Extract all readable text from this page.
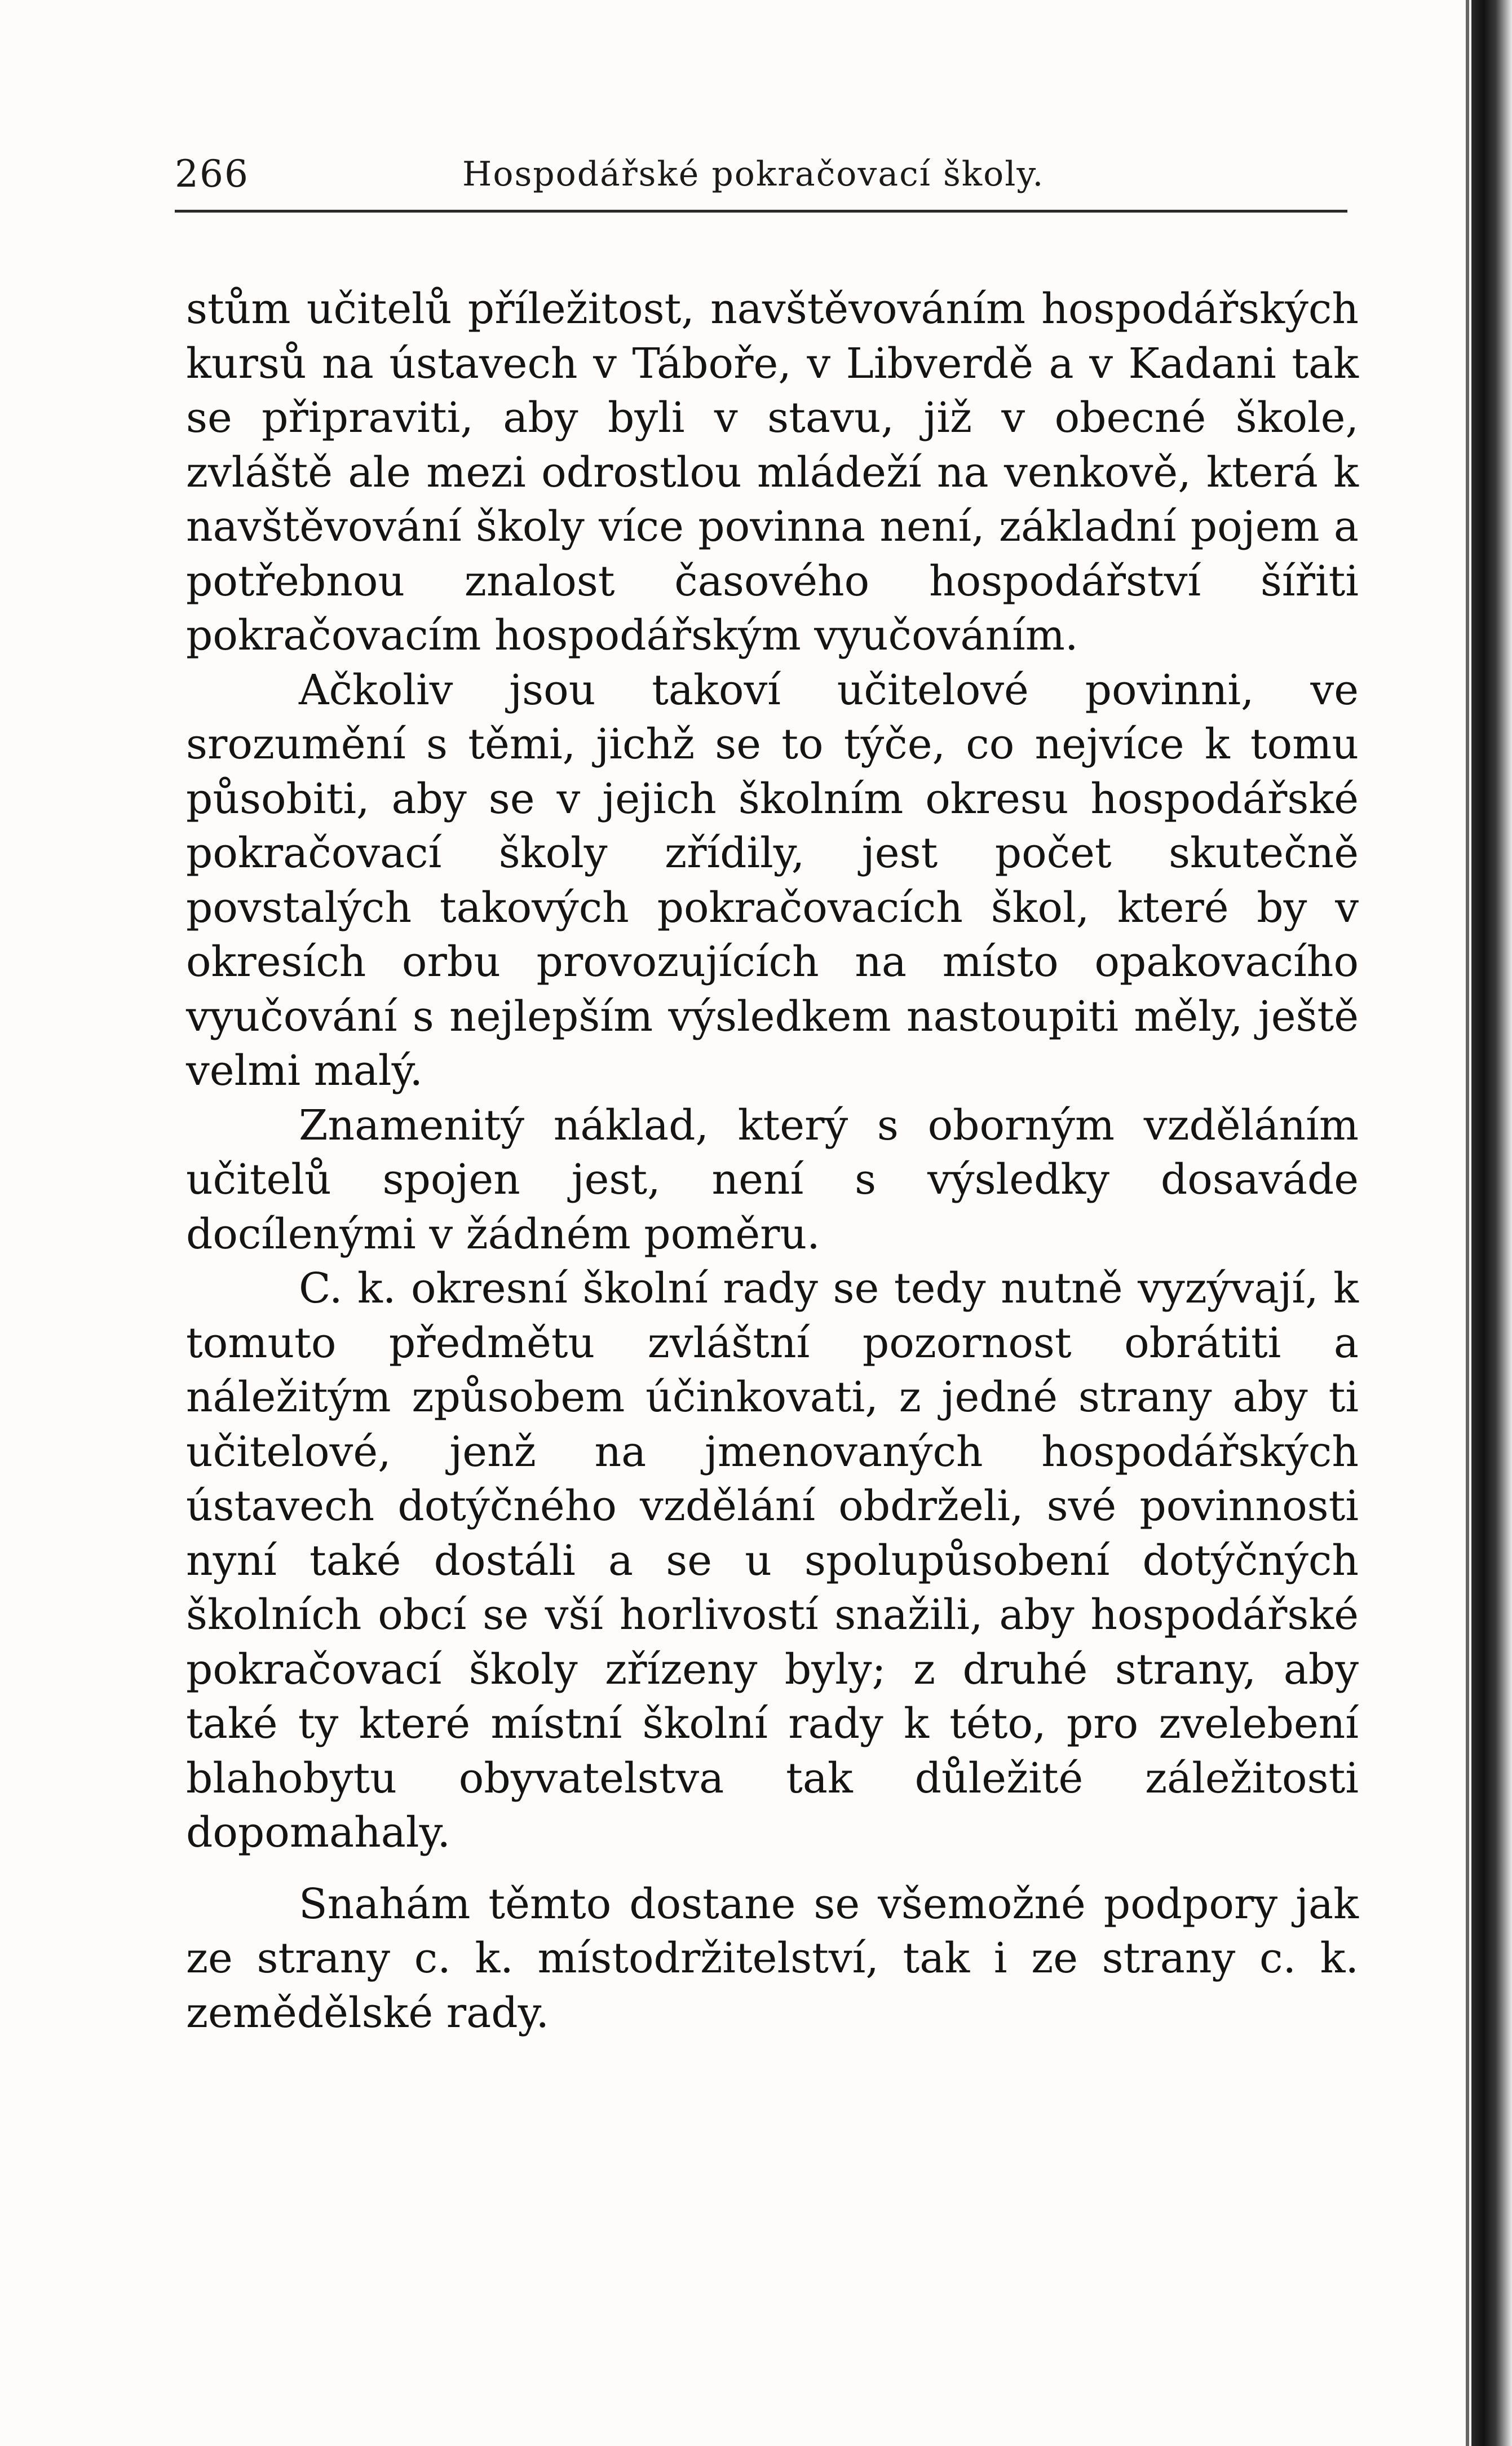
266	Hospodářské pokračovací školy.

stům učitelů příležitost, navštěvováním hospodářských kursů na ústavech v Táboře, v Libverdě a v Kadani tak se připraviti, aby byli v stavu, již v obecné škole, zvláště ale mezi odrostlou mládeží na venkově, která k navštěvování školy více povinna není, základní pojem a potřebnou znalost časového hospodářství šířiti pokračovacím hospodářským vyučováním.

Ačkoliv jsou takoví učitelové povinni, ve srozumění s těmi, jichž se to týče, co nejvíce k tomu působiti, aby se v jejich školním okresu hospodářské pokračovací školy zřídily, jest počet skutečně povstalých takových pokračovacích škol, které by v okresích orbu provozujících na místo opakovacího vyučování s nejlepším výsledkem nastoupiti měly, ještě velmi malý.

Znamenitý náklad, který s oborným vzděláním učitelů spojen jest, není s výsledky dosaváde docílenými v žádném poměru.

C. k. okresní školní rady se tedy nutně vyzývají, k tomuto předmětu zvláštní pozornost obrátiti a náležitým způsobem účinkovati, z jedné strany aby ti učitelové, jenž na jmenovaných hospodářských ústavech dotýčného vzdělání obdrželi, své povinnosti nyní také dostáli a se u spolupůsobení dotýčných školních obcí se vší horlivostí snažili, aby hospodářské pokračovací školy zřízeny byly; z druhé strany, aby také ty které místní školní rady k této, pro zvelebení blahobytu obyvatelstva tak důležité záležitosti dopomahaly.

Snahám těmto dostane se všemožné podpory jak ze strany c. k. místodržitelství, tak i ze strany c. k. zemědělské rady.
